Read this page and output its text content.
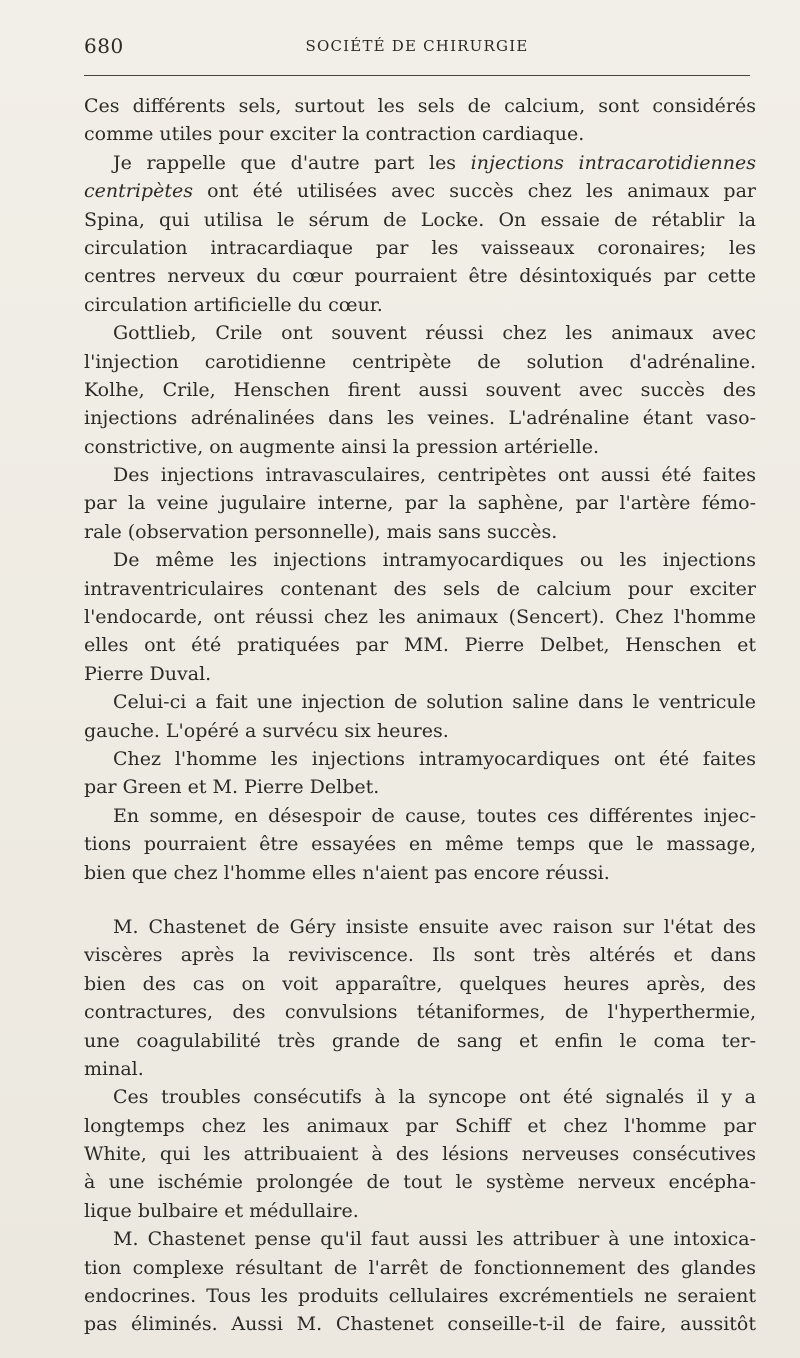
680	SOCIÉTÉ DE CHIRURGIE
Ces différents sels, surtout les sels de calcium, sont considérés
comme utiles pour exciter la contraction cardiaque.
Je rappelle que d'autre part les injections intracarotidiennes
centripètes ont été utilisées avec succès chez les animaux par
Spina, qui utilisa le sérum de Locke. On essaie de rétablir la
circulation intracardiaque par les vaisseaux coronaires; les
centres nerveux du cœur pourraient être désintoxiqués par cette
circulation artificielle du cœur.
Gottlieb, Crile ont souvent réussi chez les animaux avec
l'injection carotidienne centripète de solution d'adrénaline.
Kolhe, Crile, Henschen firent aussi souvent avec succès des
injections adrénalinées dans les veines. L'adrénaline étant vaso-
constrictive, on augmente ainsi la pression artérielle.
Des injections intravasculaires, centripètes ont aussi été faites
par la veine jugulaire interne, par la saphène, par l'artère fémo-
rale (observation personnelle), mais sans succès.
De même les injections intramyocardiques ou les injections
intraventriculaires contenant des sels de calcium pour exciter
l'endocarde, ont réussi chez les animaux (Sencert). Chez l'homme
elles ont été pratiquées par MM. Pierre Delbet, Henschen et
Pierre Duval.
Celui-ci a fait une injection de solution saline dans le ventricule
gauche. L'opéré a survécu six heures.
Chez l'homme les injections intramyocardiques ont été faites
par Green et M. Pierre Delbet.
En somme, en désespoir de cause, toutes ces différentes injec-
tions pourraient être essayées en même temps que le massage,
bien que chez l'homme elles n'aient pas encore réussi.
M. Chastenet de Géry insiste ensuite avec raison sur l'état des
viscères après la reviviscence. Ils sont très altérés et dans
bien des cas on voit apparaître, quelques heures après, des
contractures, des convulsions tétaniformes, de l'hyperthermie,
une coagulabilité très grande de sang et enfin le coma ter-
minal.
Ces troubles consécutifs à la syncope ont été signalés il y a
longtemps chez les animaux par Schiff et chez l'homme par
White, qui les attribuaient à des lésions nerveuses consécutives
à une ischémie prolongée de tout le système nerveux encépha-
lique bulbaire et médullaire.
M. Chastenet pense qu'il faut aussi les attribuer à une intoxica-
tion complexe résultant de l'arrêt de fonctionnement des glandes
endocrines. Tous les produits cellulaires excrémentiels ne seraient
pas éliminés. Aussi M. Chastenet conseille-t-il de faire, aussitôt
